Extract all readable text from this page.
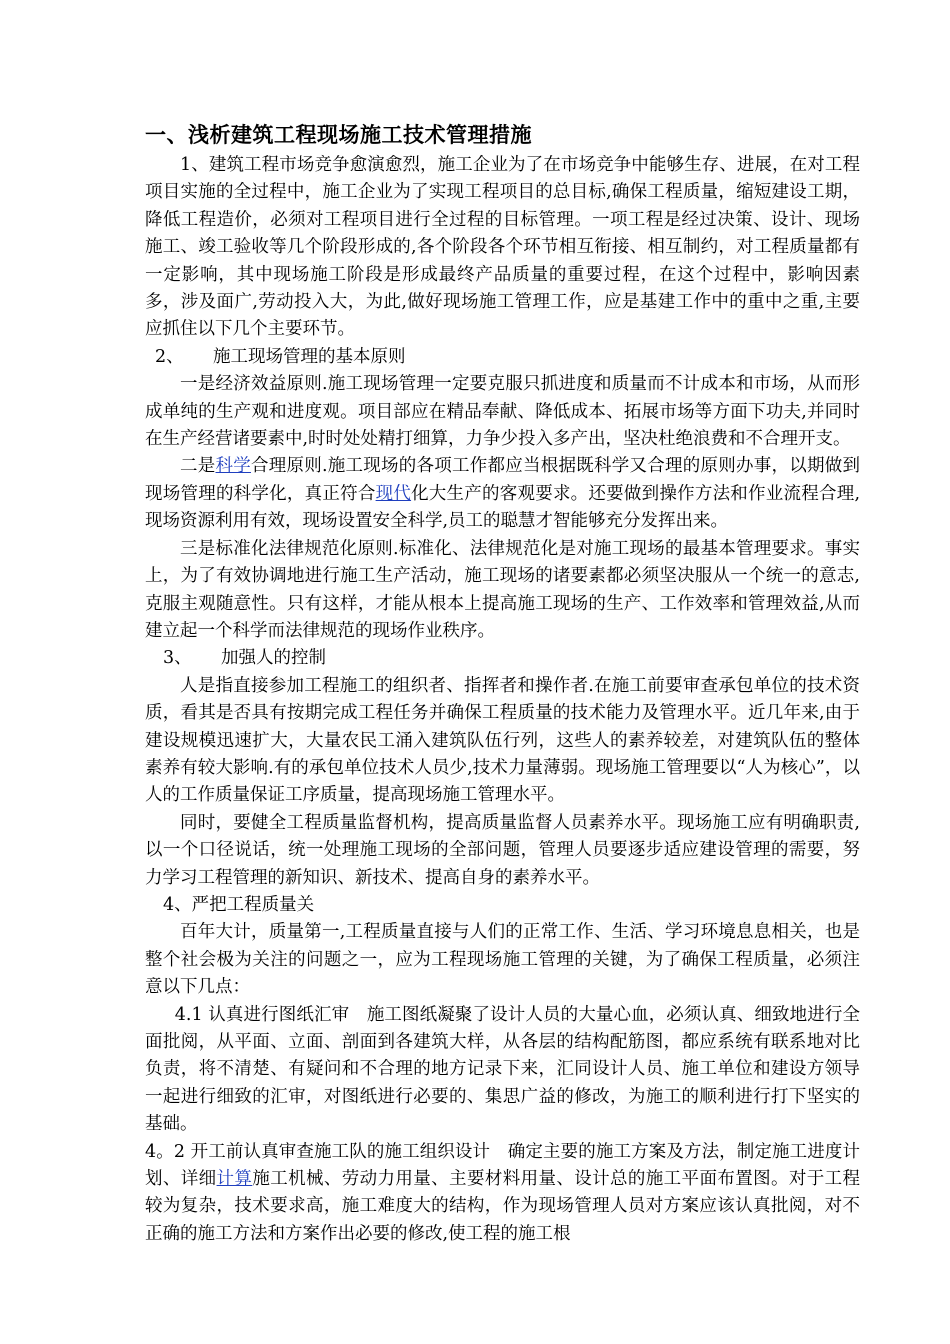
一、浅析建筑工程现场施工技术管理措施

1、建筑工程市场竞争愈演愈烈，施工企业为了在市场竞争中能够生存、进展，在对工程项目实施的全过程中，施工企业为了实现工程项目的总目标,确保工程质量，缩短建设工期，降低工程造价，必须对工程项目进行全过程的目标管理。一项工程是经过决策、设计、现场施工、竣工验收等几个阶段形成的,各个阶段各个环节相互衔接、相互制约，对工程质量都有一定影响，其中现场施工阶段是形成最终产品质量的重要过程，在这个过程中，影响因素多，涉及面广,劳动投入大，为此,做好现场施工管理工作，应是基建工作中的重中之重,主要应抓住以下几个主要环节。

2、 施工现场管理的基本原则

一是经济效益原则.施工现场管理一定要克服只抓进度和质量而不计成本和市场，从而形成单纯的生产观和进度观。项目部应在精品奉献、降低成本、拓展市场等方面下功夫,并同时在生产经营诸要素中,时时处处精打细算，力争少投入多产出，坚决杜绝浪费和不合理开支。

二是科学合理原则.施工现场的各项工作都应当根据既科学又合理的原则办事，以期做到现场管理的科学化，真正符合现代化大生产的客观要求。还要做到操作方法和作业流程合理,现场资源利用有效，现场设置安全科学,员工的聪慧才智能够充分发挥出来。

三是标准化法律规范化原则.标准化、法律规范化是对施工现场的最基本管理要求。事实上，为了有效协调地进行施工生产活动，施工现场的诸要素都必须坚决服从一个统一的意志,克服主观随意性。只有这样，才能从根本上提高施工现场的生产、工作效率和管理效益,从而建立起一个科学而法律规范的现场作业秩序。

3、 加强人的控制

人是指直接参加工程施工的组织者、指挥者和操作者.在施工前要审查承包单位的技术资质，看其是否具有按期完成工程任务并确保工程质量的技术能力及管理水平。近几年来,由于建设规模迅速扩大，大量农民工涌入建筑队伍行列，这些人的素养较差，对建筑队伍的整体素养有较大影响.有的承包单位技术人员少,技术力量薄弱。现场施工管理要以“人为核心”，以人的工作质量保证工序质量，提高现场施工管理水平。

同时，要健全工程质量监督机构，提高质量监督人员素养水平。现场施工应有明确职责,以一个口径说话，统一处理施工现场的全部问题，管理人员要逐步适应建设管理的需要，努力学习工程管理的新知识、新技术、提高自身的素养水平。

4、严把工程质量关

百年大计，质量第一,工程质量直接与人们的正常工作、生活、学习环境息息相关，也是整个社会极为关注的问题之一，应为工程现场施工管理的关键，为了确保工程质量，必须注意以下几点：

4.1 认真进行图纸汇审　施工图纸凝聚了设计人员的大量心血，必须认真、细致地进行全面批阅，从平面、立面、剖面到各建筑大样，从各层的结构配筋图，都应系统有联系地对比负责，将不清楚、有疑问和不合理的地方记录下来，汇同设计人员、施工单位和建设方领导一起进行细致的汇审，对图纸进行必要的、集思广益的修改，为施工的顺利进行打下坚实的基础。

4。2 开工前认真审查施工队的施工组织设计　确定主要的施工方案及方法，制定施工进度计划、详细计算施工机械、劳动力用量、主要材料用量、设计总的施工平面布置图。对于工程较为复杂，技术要求高，施工难度大的结构，作为现场管理人员对方案应该认真批阅，对不正确的施工方法和方案作出必要的修改,使工程的施工根
